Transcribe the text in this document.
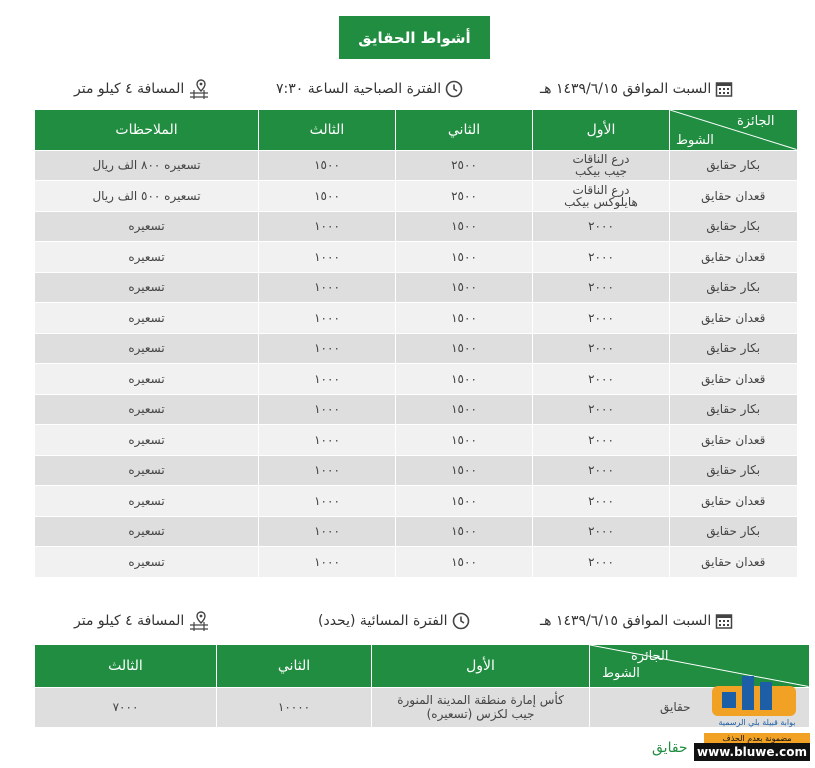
أشواط الحقايق
السبت الموافق ١٤٣٩/٦/١٥ هـ
الفترة الصباحية الساعة ٧:٣٠
المسافة ٤ كيلو متر
الجائزة
الشوط	الأول	الثاني	الثالث	الملاحظات
بكار حقايق	درع الناقات
جيب بيكب	٢٥٠٠	١٥٠٠	تسعيره ٨٠٠ الف ريال
قعدان حقايق	درع الناقات
هايلوكس بيكب	٢٥٠٠	١٥٠٠	تسعيره ٥٠٠ الف ريال
بكار حقايق	٢٠٠٠	١٥٠٠	١٠٠٠	تسعيره
قعدان حقايق	٢٠٠٠	١٥٠٠	١٠٠٠	تسعيره
بكار حقايق	٢٠٠٠	١٥٠٠	١٠٠٠	تسعيره
قعدان حقايق	٢٠٠٠	١٥٠٠	١٠٠٠	تسعيره
بكار حقايق	٢٠٠٠	١٥٠٠	١٠٠٠	تسعيره
قعدان حقايق	٢٠٠٠	١٥٠٠	١٠٠٠	تسعيره
بكار حقايق	٢٠٠٠	١٥٠٠	١٠٠٠	تسعيره
قعدان حقايق	٢٠٠٠	١٥٠٠	١٠٠٠	تسعيره
بكار حقايق	٢٠٠٠	١٥٠٠	١٠٠٠	تسعيره
قعدان حقايق	٢٠٠٠	١٥٠٠	١٠٠٠	تسعيره
بكار حقايق	٢٠٠٠	١٥٠٠	١٠٠٠	تسعيره
قعدان حقايق	٢٠٠٠	١٥٠٠	١٠٠٠	تسعيره
السبت الموافق ١٤٣٩/٦/١٥ هـ
الفترة المسائية (يحدد)
المسافة ٤ كيلو متر
الجائزة
الشوط	الأول	الثاني	الثالث
حقايق	كأس إمارة منطقة المدينة المنورة
جيب لكزس (تسعيره)	١٠٠٠٠	٧٠٠٠
حقايق
بوابة قبيلة بلي الرسمية
مضمونة بعدم الحذف
www.bluwe.com
